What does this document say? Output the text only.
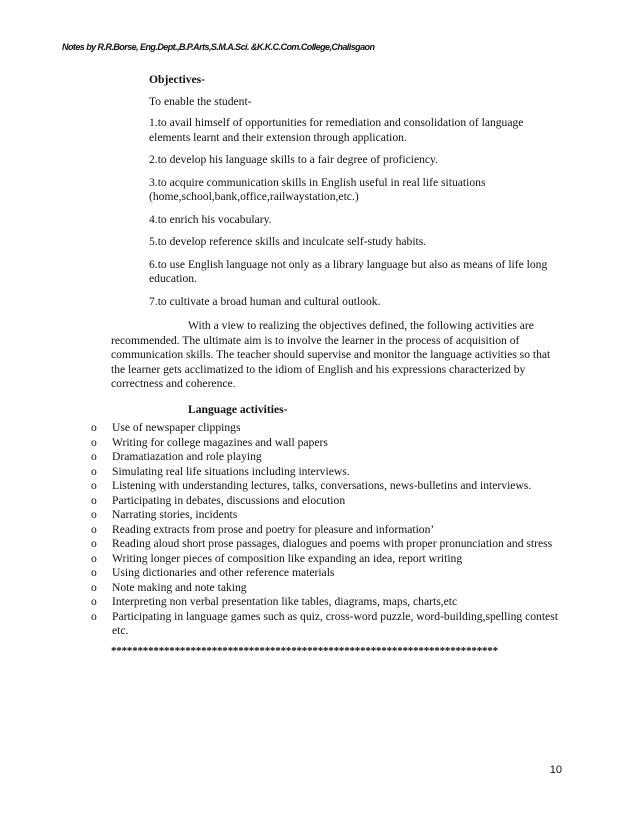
Notes by R.R.Borse, Eng.Dept.,B.P.Arts,S.M.A.Sci. &K.K.C.Com.College,Chalisgaon

Objectives-

To enable the student-

1.to avail himself of opportunities for remediation and consolidation of language elements learnt and their extension through application.

2.to develop his language skills to a fair degree of proficiency.

3.to acquire communication skills in English useful in real life situations (home,school,bank,office,railwaystation,etc.)

4.to enrich his vocabulary.

5.to develop reference skills and inculcate self-study habits.

6.to use English language not only as a library language but also as means of life long education.

7.to cultivate a broad human and cultural outlook.

With a view to realizing the objectives defined, the following activities are recommended. The ultimate aim is to involve the learner in the process of acquisition of communication skills. The teacher should supervise and monitor the language activities so that the learner gets acclimatized to the idiom of English and his expressions characterized by correctness and coherence.

Language activities-

o Use of newspaper clippings
o Writing for college magazines and wall papers
o Dramatiazation and role playing
o Simulating real life situations including interviews.
o Listening with understanding lectures, talks, conversations, news-bulletins and interviews.
o Participating in debates, discussions and elocution
o Narrating stories, incidents
o Reading extracts from prose and poetry for pleasure and information’
o Reading aloud short prose passages, dialogues and poems with proper pronunciation and stress
o Writing longer pieces of composition like expanding an idea, report writing
o Using dictionaries and other reference materials
o Note making and note taking
o Interpreting non verbal presentation like tables, diagrams, maps, charts,etc
o Participating in language games such as quiz, cross-word puzzle, word-building,spelling contest etc.
*************************************************************************
10
